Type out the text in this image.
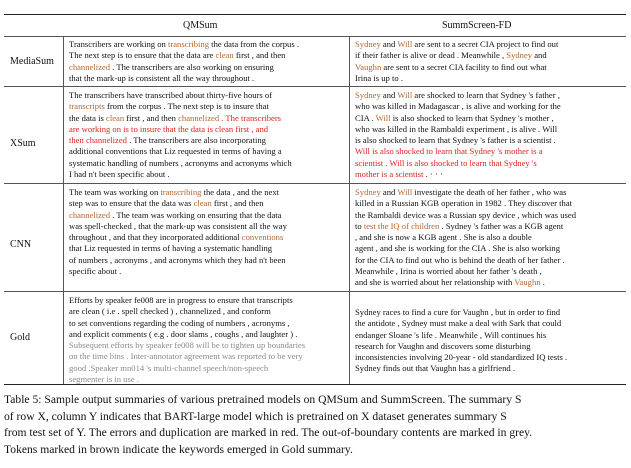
QMSum	SummScreen-FD
MediaSum
XSum
CNN
Gold
Transcribers are working on transcribing the data from the corpus .
The next step is to ensure that the data are clean first , and then
channelized . The transcribers are also working on ensuring
that the mark-up is consistent all the way throughout .
Sydney and Will are sent to a secret CIA project to find out
if their father is alive or dead . Meanwhile , Sydney and
Vaughn are sent to a secret CIA facility to find out what
Irina is up to .
The transcribers have transcribed about thirty-five hours of
transcripts from the corpus . The next step is to insure that
the data is clean first , and then channelized . The transcribers
are working on is to insure that the data is clean first , and
then channelized . The transcribers are also incorporating
additional conventions that Liz requested in terms of having a
systematic handling of numbers , acronyms and acronyms which
I had n't been specific about .
Sydney and Will are shocked to learn that Sydney 's father ,
who was killed in Madagascar , is alive and working for the
CIA . Will is also shocked to learn that Sydney 's mother ,
who was killed in the Rambaldi experiment , is alive . Will
is also shocked to learn that Sydney 's father is a scientist .
Will is also shocked to learn that Sydney 's mother is a
scientist . Will is also shocked to learn that Sydney 's
mother is a scientist . · · ·
The team was working on transcribing the data , and the next
step was to ensure that the data was clean first , and then
channelized . The team was working on ensuring that the data
was spell-checked , that the mark-up was consistent all the way
throughout , and that they incorporated additional conventions
that Liz requested in terms of having a systematic handling
of numbers , acronyms , and acronyms which they had n't been
specific about .
Sydney and Will investigate the death of her father , who was
killed in a Russian KGB operation in 1982 . They discover that
the Rambaldi device was a Russian spy device , which was used
to test the IQ of children . Sydney 's father was a KGB agent
, and she is now a KGB agent . She is also a double
agent , and she is working for the CIA . She is also working
for the CIA to find out who is behind the death of her father .
Meanwhile , Irina is worried about her father 's death ,
and she is worried about her relationship with Vaughn .
Efforts by speaker fe008 are in progress to ensure that transcripts
are clean ( i.e . spell checked ) , channelized , and conform
to set conventions regarding the coding of numbers , acronyms ,
and explicit comments ( e.g . door slams , coughs , and laughter ) .
Subsequent efforts by speaker fe008 will be to tighten up boundaries
on the time bins . Inter-annotator agreement was reported to be very
good .Speaker mn014 's multi-channel speech/non-speech
segmenter is in use .
Sydney races to find a cure for Vaughn , but in order to find
the antidote , Sydney must make a deal with Sark that could
endanger Sloane 's life . Meanwhile , Will continues his
research for Vaughn and discovers some disturbing
inconsistencies involving 20-year - old standardized IQ tests .
Sydney finds out that Vaughn has a girlfriend .
Table 5: Sample output summaries of various pretrained models on QMSum and SummScreen. The summary S
of row X, column Y indicates that BART-large model which is pretrained on X dataset generates summary S
from test set of Y. The errors and duplication are marked in red. The out-of-boundary contents are marked in grey.
Tokens marked in brown indicate the keywords emerged in Gold summary.
